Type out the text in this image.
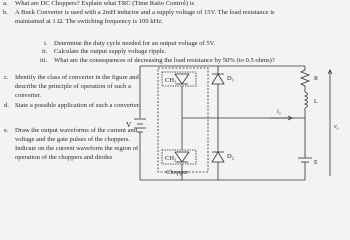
a. What are DC Choppers? Explain what TRC (Time Ratio Control) is
b. A Buck Converter is used with a 2mH inductor and a supply voltage of 15V. The load resistance is
maintained at 1 Ω. The switching frequency is 100 kHz.
i. Determine the duty cycle needed for an output voltage of 5V.
ii. Calculate the output supply voltage ripple.
iii. What are the consequences of decreasing the load resistance by 50% (to 0.5 ohms)?
c. Identify the class of converter in the figure and
describe the principle of operation of such a
converter.
d. State a possible application of such a converter.
e. Draw the output waveforms of the current and
voltage and the gate pulses of the choppers.
Indicate on the current waveform the region of
operation of the choppers and diodes
V
$CH_1$
$CH_2$
$D_1$
$D_2$
Chopper
R
L
E
$i_o$
$v_o$
